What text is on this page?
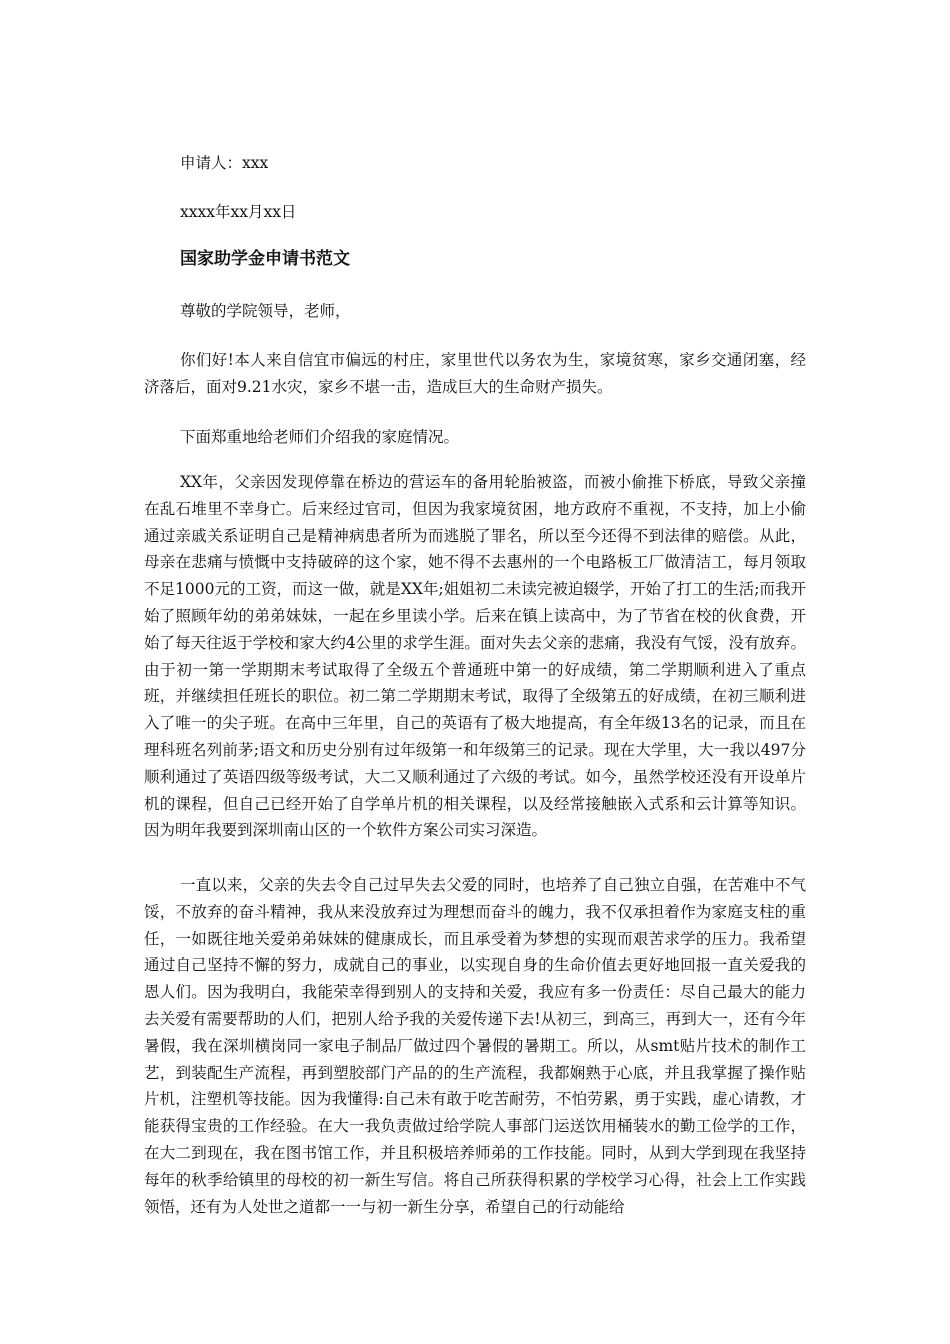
申请人：xxx
xxxx年xx月xx日
国家助学金申请书范文
尊敬的学院领导，老师，

你们好!本人来自信宜市偏远的村庄，家里世代以务农为生，家境贫寒，家乡交通闭塞，经济落后，面对9.21水灾，家乡不堪一击，造成巨大的生命财产损失。

下面郑重地给老师们介绍我的家庭情况。

XX年，父亲因发现停靠在桥边的营运车的备用轮胎被盗，而被小偷推下桥底，导致父亲撞在乱石堆里不幸身亡。后来经过官司，但因为我家境贫困，地方政府不重视，不支持，加上小偷通过亲戚关系证明自己是精神病患者所为而逃脱了罪名，所以至今还得不到法律的赔偿。从此，母亲在悲痛与愤慨中支持破碎的这个家，她不得不去惠州的一个电路板工厂做清洁工，每月领取不足1000元的工资，而这一做，就是XX年;姐姐初二未读完被迫辍学，开始了打工的生活;而我开始了照顾年幼的弟弟妹妹，一起在乡里读小学。后来在镇上读高中，为了节省在校的伙食费，开始了每天往返于学校和家大约4公里的求学生涯。面对失去父亲的悲痛，我没有气馁，没有放弃。由于初一第一学期期末考试取得了全级五个普通班中第一的好成绩，第二学期顺利进入了重点班，并继续担任班长的职位。初二第二学期期末考试，取得了全级第五的好成绩，在初三顺利进入了唯一的尖子班。在高中三年里，自己的英语有了极大地提高，有全年级13名的记录，而且在理科班名列前茅;语文和历史分别有过年级第一和年级第三的记录。现在大学里，大一我以497分顺利通过了英语四级等级考试，大二又顺利通过了六级的考试。如今，虽然学校还没有开设单片机的课程，但自己已经开始了自学单片机的相关课程，以及经常接触嵌入式系和云计算等知识。因为明年我要到深圳南山区的一个软件方案公司实习深造。

一直以来，父亲的失去令自己过早失去父爱的同时，也培养了自己独立自强，在苦难中不气馁，不放弃的奋斗精神，我从来没放弃过为理想而奋斗的魄力，我不仅承担着作为家庭支柱的重任，一如既往地关爱弟弟妹妹的健康成长，而且承受着为梦想的实现而艰苦求学的压力。我希望通过自己坚持不懈的努力，成就自己的事业，以实现自身的生命价值去更好地回报一直关爱我的恩人们。因为我明白，我能荣幸得到别人的支持和关爱，我应有多一份责任：尽自己最大的能力去关爱有需要帮助的人们，把别人给予我的关爱传递下去!从初三，到高三，再到大一，还有今年暑假，我在深圳横岗同一家电子制品厂做过四个暑假的暑期工。所以，从smt贴片技术的制作工艺，到装配生产流程，再到塑胶部门产品的的生产流程，我都娴熟于心底，并且我掌握了操作贴片机，注塑机等技能。因为我懂得:自己未有敢于吃苦耐劳，不怕劳累，勇于实践，虚心请教，才能获得宝贵的工作经验。在大一我负责做过给学院人事部门运送饮用桶装水的勤工俭学的工作，在大二到现在，我在图书馆工作，并且积极培养师弟的工作技能。同时，从到大学到现在我坚持每年的秋季给镇里的母校的初一新生写信。将自己所获得积累的学校学习心得，社会上工作实践领悟，还有为人处世之道都一一与初一新生分享，希望自己的行动能给
